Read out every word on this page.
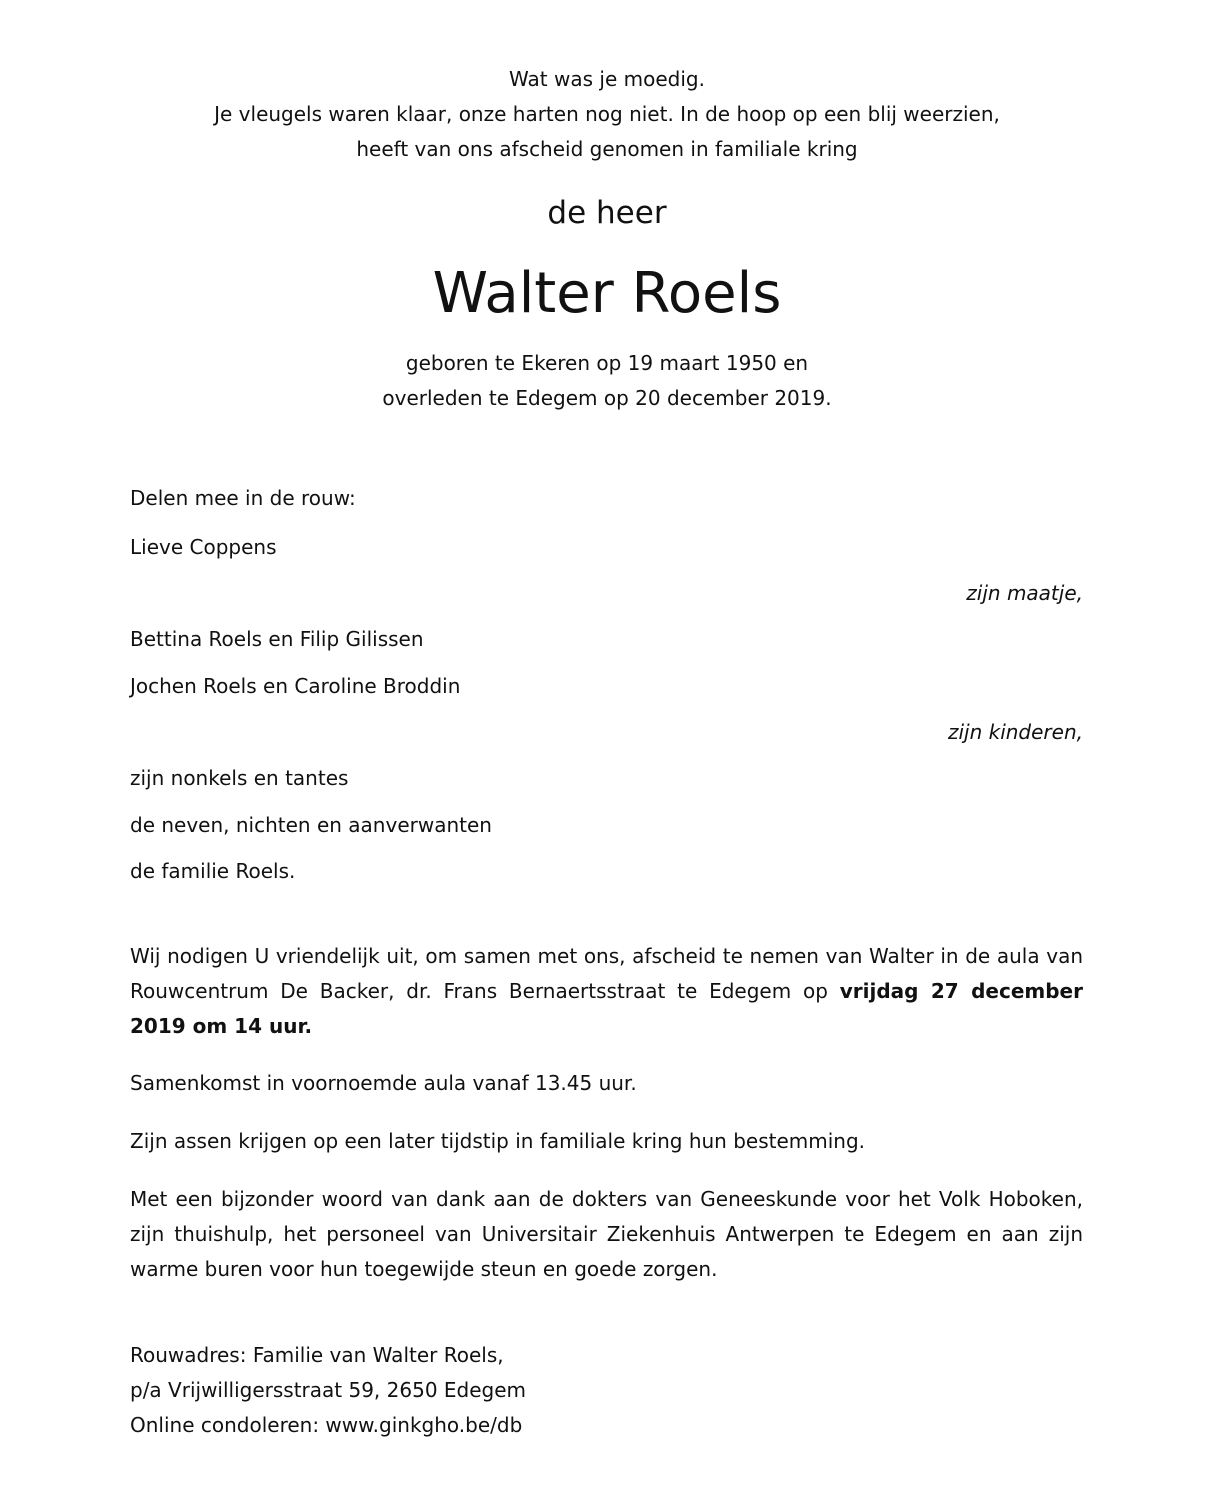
Wat was je moedig.
Je vleugels waren klaar, onze harten nog niet. In de hoop op een blij weerzien,
heeft van ons afscheid genomen in familiale kring
de heer
Walter Roels
geboren te Ekeren op 19 maart 1950 en
overleden te Edegem op 20 december 2019.
Delen mee in de rouw:
Lieve Coppens
zijn maatje,
Bettina Roels en Filip Gilissen
Jochen Roels en Caroline Broddin
zijn kinderen,
zijn nonkels en tantes
de neven, nichten en aanverwanten
de familie Roels.
Wij nodigen U vriendelijk uit, om samen met ons, afscheid te nemen van Walter in de aula van Rouwcentrum De Backer, dr. Frans Bernaertsstraat te Edegem op vrijdag 27 december 2019 om 14 uur.
Samenkomst in voornoemde aula vanaf 13.45 uur.
Zijn assen krijgen op een later tijdstip in familiale kring hun bestemming.
Met een bijzonder woord van dank aan de dokters van Geneeskunde voor het Volk Hoboken, zijn thuishulp, het personeel van Universitair Ziekenhuis Antwerpen te Edegem en aan zijn warme buren voor hun toegewijde steun en goede zorgen.
Rouwadres: Familie van Walter Roels,
p/a Vrijwilligersstraat 59, 2650 Edegem
Online condoleren: www.ginkgho.be/db
